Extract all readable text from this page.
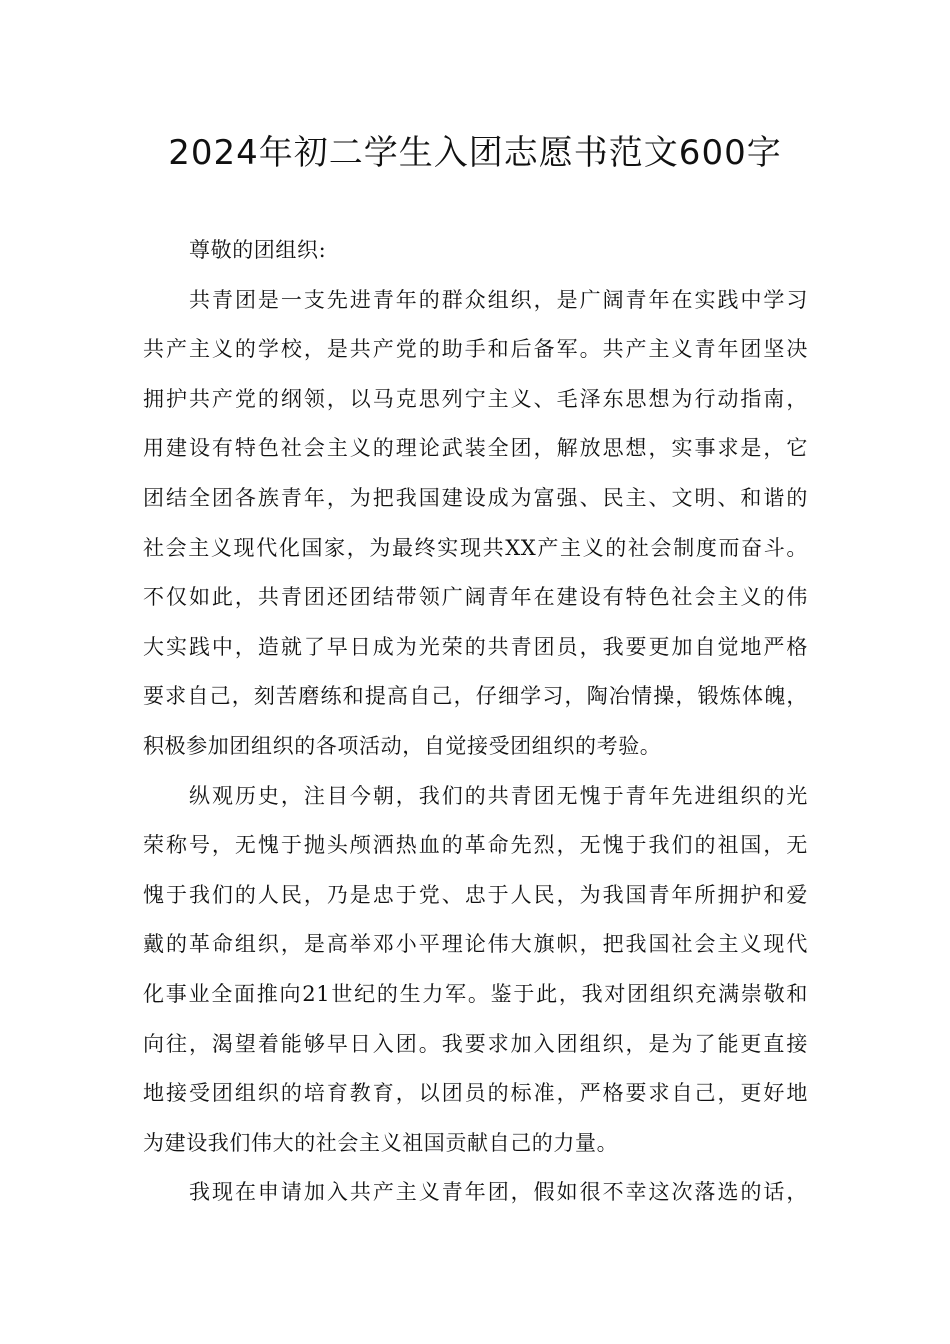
2024年初二学生入团志愿书范文600字
尊敬的团组织:
共青团是一支先进青年的群众组织，是广阔青年在实践中学习
共产主义的学校，是共产党的助手和后备军。共产主义青年团坚决
拥护共产党的纲领，以马克思列宁主义、毛泽东思想为行动指南，
用建设有特色社会主义的理论武装全团，解放思想，实事求是，它
团结全团各族青年，为把我国建设成为富强、民主、文明、和谐的
社会主义现代化国家，为最终实现共XX产主义的社会制度而奋斗。
不仅如此，共青团还团结带领广阔青年在建设有特色社会主义的伟
大实践中，造就了早日成为光荣的共青团员，我要更加自觉地严格
要求自己，刻苦磨练和提高自己，仔细学习，陶冶情操，锻炼体魄，
积极参加团组织的各项活动，自觉接受团组织的考验。
纵观历史，注目今朝，我们的共青团无愧于青年先进组织的光
荣称号，无愧于抛头颅洒热血的革命先烈，无愧于我们的祖国，无
愧于我们的人民，乃是忠于党、忠于人民，为我国青年所拥护和爱
戴的革命组织，是高举邓小平理论伟大旗帜，把我国社会主义现代
化事业全面推向21世纪的生力军。鉴于此，我对团组织充满崇敬和
向往，渴望着能够早日入团。我要求加入团组织，是为了能更直接
地接受团组织的培育教育，以团员的标准，严格要求自己，更好地
为建设我们伟大的社会主义祖国贡献自己的力量。
我现在申请加入共产主义青年团，假如很不幸这次落选的话，
